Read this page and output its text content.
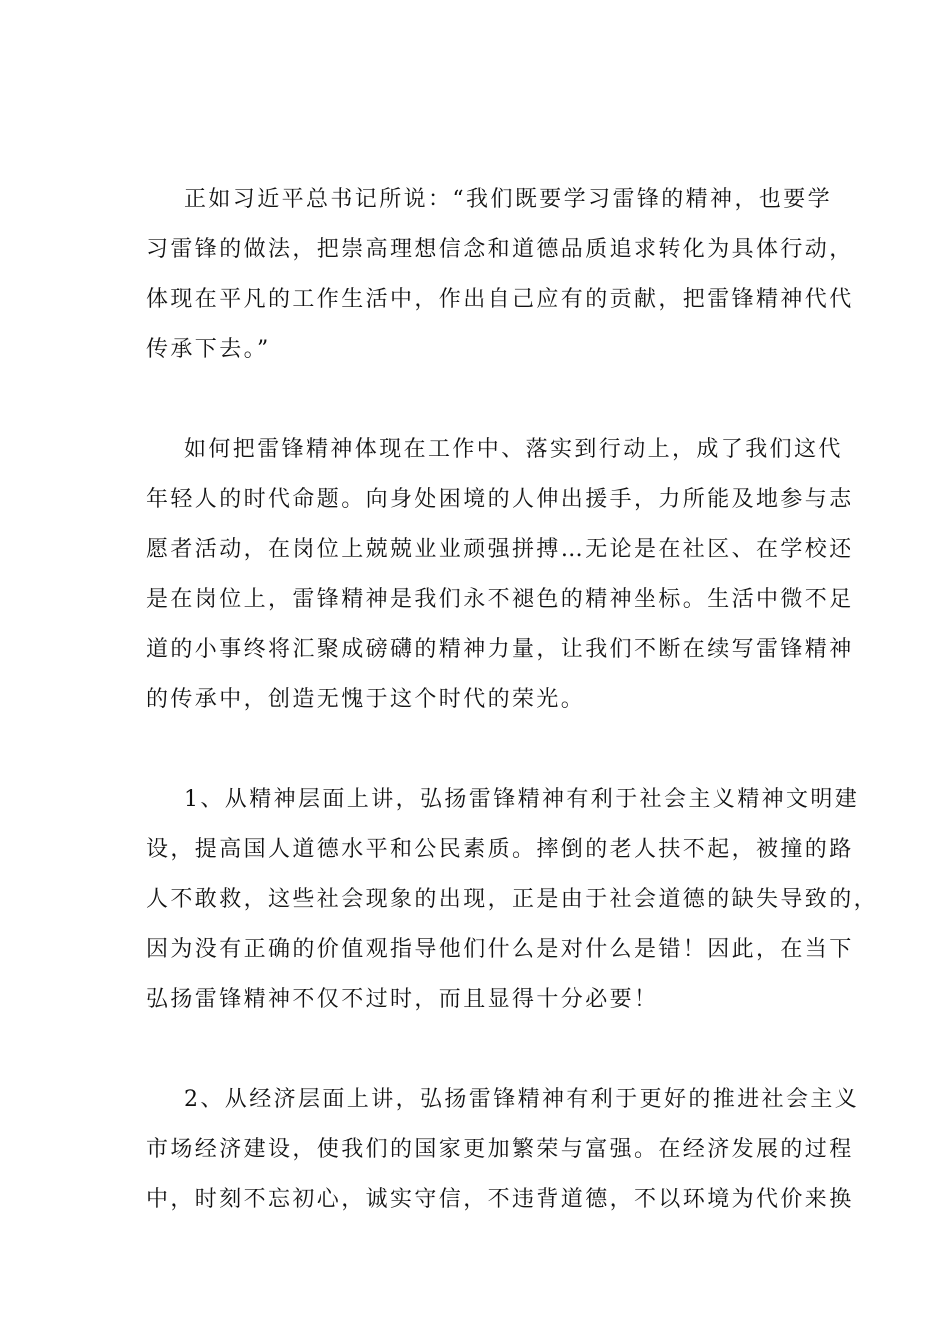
正如习近平总书记所说：“我们既要学习雷锋的精神，也要学
习雷锋的做法，把崇高理想信念和道德品质追求转化为具体行动，
体现在平凡的工作生活中，作出自己应有的贡献，把雷锋精神代代
传承下去。”
如何把雷锋精神体现在工作中、落实到行动上，成了我们这代
年轻人的时代命题。向身处困境的人伸出援手，力所能及地参与志
愿者活动，在岗位上兢兢业业顽强拼搏…无论是在社区、在学校还
是在岗位上，雷锋精神是我们永不褪色的精神坐标。生活中微不足
道的小事终将汇聚成磅礴的精神力量，让我们不断在续写雷锋精神
的传承中，创造无愧于这个时代的荣光。
1、从精神层面上讲，弘扬雷锋精神有利于社会主义精神文明建
设，提高国人道德水平和公民素质。摔倒的老人扶不起，被撞的路
人不敢救，这些社会现象的出现，正是由于社会道德的缺失导致的，
因为没有正确的价值观指导他们什么是对什么是错！因此，在当下
弘扬雷锋精神不仅不过时，而且显得十分必要！
2、从经济层面上讲，弘扬雷锋精神有利于更好的推进社会主义
市场经济建设，使我们的国家更加繁荣与富强。在经济发展的过程
中，时刻不忘初心，诚实守信，不违背道德，不以环境为代价来换
